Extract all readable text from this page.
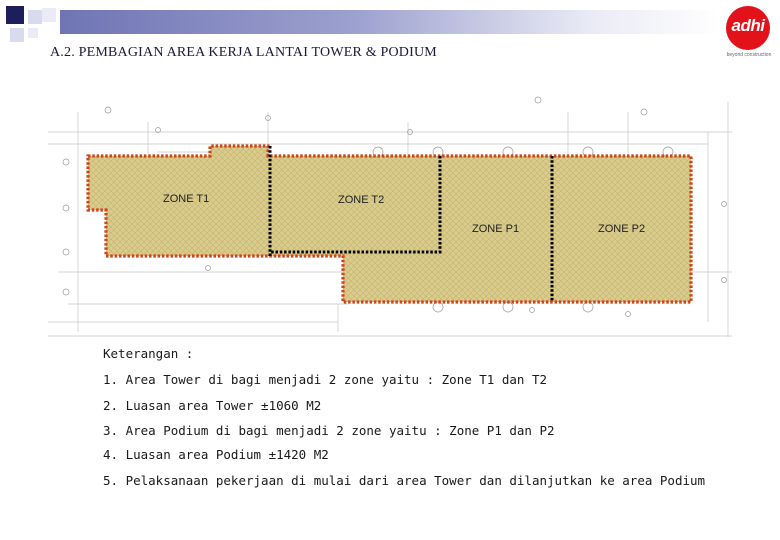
A.2. PEMBAGIAN AREA KERJA LANTAI TOWER & PODIUM
adhi
beyond construction
ZONE T1	ZONE T2
ZONE P1	ZONE P2
Keterangan :
1. Area Tower di bagi menjadi 2 zone yaitu : Zone T1 dan T2
2. Luasan area Tower ±1060 M2
3. Area Podium di bagi menjadi 2 zone yaitu : Zone P1 dan P2
4. Luasan area Podium ±1420 M2
5. Pelaksanaan pekerjaan di mulai dari area Tower dan dilanjutkan ke area Podium
